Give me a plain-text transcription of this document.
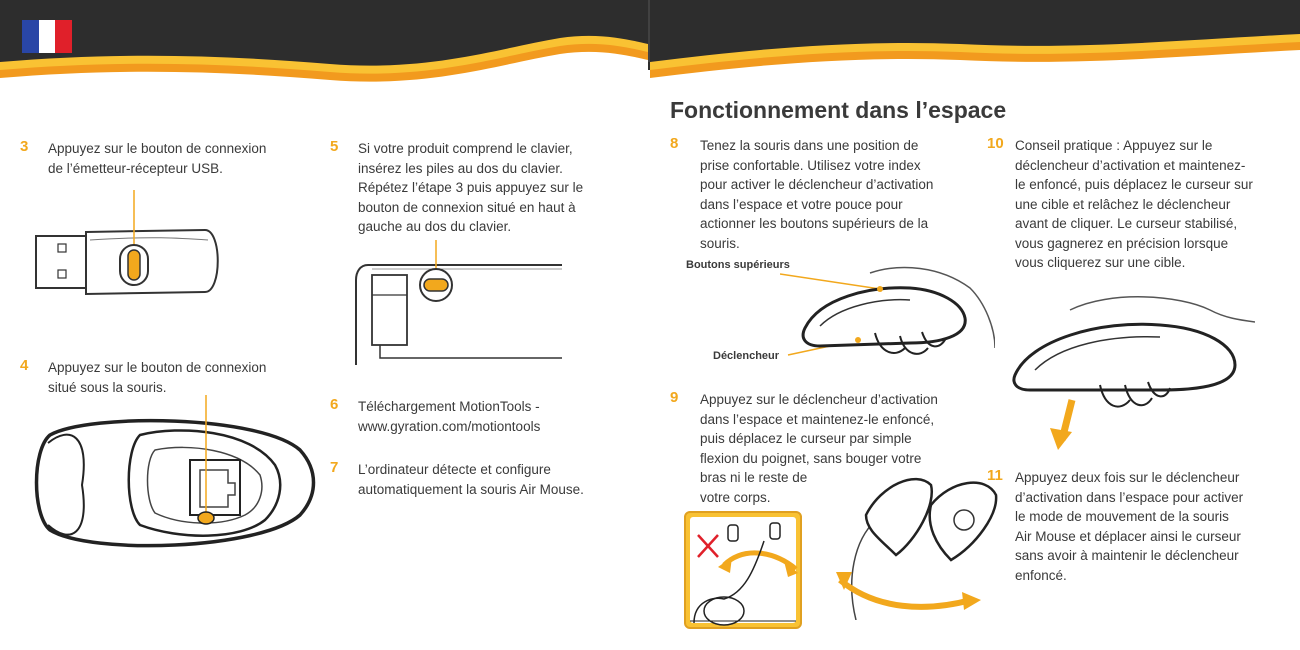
Fonctionnement dans l’espace
3 Appuyez sur le bouton de connexion
de l’émetteur-récepteur USB.
4 Appuyez sur le bouton de connexion
situé sous la souris.
5 Si votre produit comprend le clavier,
insérez les piles au dos du clavier.
Répétez l’étape 3 puis appuyez sur le
bouton de connexion situé en haut à
gauche au dos du clavier.
6 Téléchargement MotionTools -
www.gyration.com/motiontools
7 L’ordinateur détecte et configure
automatiquement la souris Air Mouse.
8 Tenez la souris dans une position de
prise confortable. Utilisez votre index
pour activer le déclencheur d’activation
dans l’espace et votre pouce pour
actionner les boutons supérieurs de la
souris.
9 Appuyez sur le déclencheur d’activation
dans l’espace et maintenez-le enfoncé,
puis déplacez le curseur par simple
flexion du poignet, sans bouger votre
bras ni le reste de
votre corps.
10 Conseil pratique : Appuyez sur le
déclencheur d’activation et maintenez-
le enfoncé, puis déplacez le curseur sur
une cible et relâchez le déclencheur
avant de cliquer. Le curseur stabilisé,
vous gagnerez en précision lorsque
vous cliquerez sur une cible.
11 Appuyez deux fois sur le déclencheur
d’activation dans l’espace pour activer
le mode de mouvement de la souris
Air Mouse et déplacer ainsi le curseur
sans avoir à maintenir le déclencheur
enfoncé.
Boutons supérieurs
Déclencheur
